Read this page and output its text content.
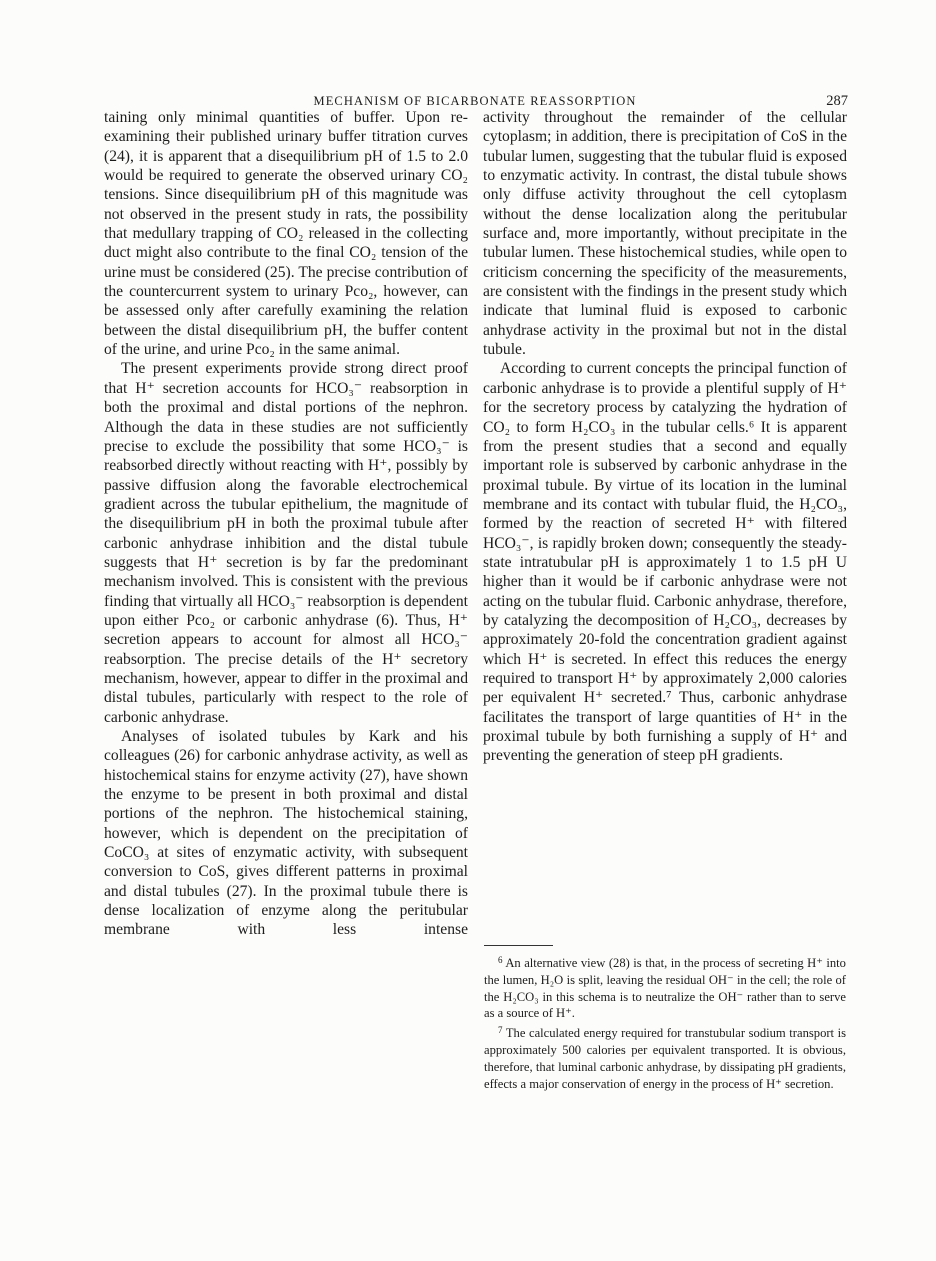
MECHANISM OF BICARBONATE REASSORPTION	287

taining only minimal quantities of buffer. Upon re-examining their published urinary buffer titration curves (24), it is apparent that a disequilibrium pH of 1.5 to 2.0 would be required to generate the observed urinary CO₂ tensions. Since disequilibrium pH of this magnitude was not observed in the present study in rats, the possibility that medullary trapping of CO₂ released in the collecting duct might also contribute to the final CO₂ tension of the urine must be considered (25). The precise contribution of the countercurrent system to urinary Pco₂, however, can be assessed only after carefully examining the relation between the distal disequilibrium pH, the buffer content of the urine, and urine Pco₂ in the same animal.

The present experiments provide strong direct proof that H⁺ secretion accounts for HCO₃⁻ reabsorption in both the proximal and distal portions of the nephron. Although the data in these studies are not sufficiently precise to exclude the possibility that some HCO₃⁻ is reabsorbed directly without reacting with H⁺, possibly by passive diffusion along the favorable electrochemical gradient across the tubular epithelium, the magnitude of the disequilibrium pH in both the proximal tubule after carbonic anhydrase inhibition and the distal tubule suggests that H⁺ secretion is by far the predominant mechanism involved. This is consistent with the previous finding that virtually all HCO₃⁻ reabsorption is dependent upon either Pco₂ or carbonic anhydrase (6). Thus, H⁺ secretion appears to account for almost all HCO₃⁻ reabsorption. The precise details of the H⁺ secretory mechanism, however, appear to differ in the proximal and distal tubules, particularly with respect to the role of carbonic anhydrase.

Analyses of isolated tubules by Kark and his colleagues (26) for carbonic anhydrase activity, as well as histochemical stains for enzyme activity (27), have shown the enzyme to be present in both proximal and distal portions of the nephron. The histochemical staining, however, which is dependent on the precipitation of CoCO₃ at sites of enzymatic activity, with subsequent conversion to CoS, gives different patterns in proximal and distal tubules (27). In the proximal tubule there is dense localization of enzyme along the peritubular membrane with less intense

activity throughout the remainder of the cellular cytoplasm; in addition, there is precipitation of CoS in the tubular lumen, suggesting that the tubular fluid is exposed to enzymatic activity. In contrast, the distal tubule shows only diffuse activity throughout the cell cytoplasm without the dense localization along the peritubular surface and, more importantly, without precipitate in the tubular lumen. These histochemical studies, while open to criticism concerning the specificity of the measurements, are consistent with the findings in the present study which indicate that luminal fluid is exposed to carbonic anhydrase activity in the proximal but not in the distal tubule.

According to current concepts the principal function of carbonic anhydrase is to provide a plentiful supply of H⁺ for the secretory process by catalyzing the hydration of CO₂ to form H₂CO₃ in the tubular cells.⁶ It is apparent from the present studies that a second and equally important role is subserved by carbonic anhydrase in the proximal tubule. By virtue of its location in the luminal membrane and its contact with tubular fluid, the H₂CO₃, formed by the reaction of secreted H⁺ with filtered HCO₃⁻, is rapidly broken down; consequently the steady-state intratubular pH is approximately 1 to 1.5 pH U higher than it would be if carbonic anhydrase were not acting on the tubular fluid. Carbonic anhydrase, therefore, by catalyzing the decomposition of H₂CO₃, decreases by approximately 20-fold the concentration gradient against which H⁺ is secreted. In effect this reduces the energy required to transport H⁺ by approximately 2,000 calories per equivalent H⁺ secreted.⁷ Thus, carbonic anhydrase facilitates the transport of large quantities of H⁺ in the proximal tubule by both furnishing a supply of H⁺ and preventing the generation of steep pH gradients.

$^6$ An alternative view (28) is that, in the process of secreting H⁺ into the lumen, H₂O is split, leaving the residual OH⁻ in the cell; the role of the H₂CO₃ in this schema is to neutralize the OH⁻ rather than to serve as a source of H⁺.

$^7$ The calculated energy required for transtubular sodium transport is approximately 500 calories per equivalent transported. It is obvious, therefore, that luminal carbonic anhydrase, by dissipating pH gradients, effects a major conservation of energy in the process of H⁺ secretion.
